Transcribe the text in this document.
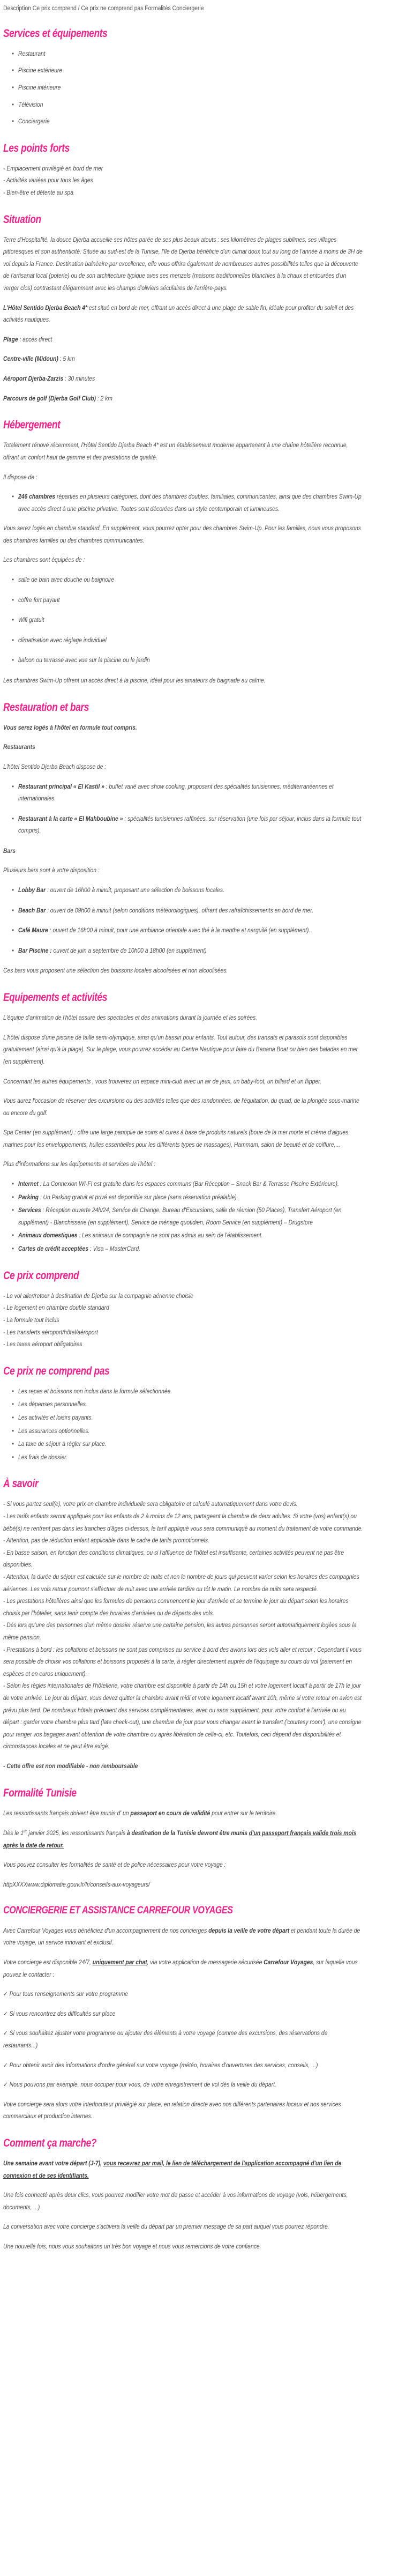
Description Ce prix comprend / Ce prix ne comprend pas Formalités Conciergerie
Services et équipements
• Restaurant
• Piscine extérieure
• Piscine intérieure
• Télévision
• Conciergerie
Les points forts

- Emplacement privilégié en bord de mer

- Activités variées pour tous les âges

- Bien-être et détente au spa

Situation

Terre d'Hospitalité, la douce Djerba accueille ses hôtes parée de ses plus beaux atouts : ses kilomètres de plages sublimes, ses villages pittoresques et son authenticité. Située au sud-est de la Tunisie, l'île de Djerba bénéficie d'un climat doux tout au long de l'année à moins de 3H de vol depuis la France. Destination balnéaire par excellence, elle vous offrira également de nombreuses autres possibilités telles que la découverte de l'artisanat local (poterie) ou de son architecture typique aves ses menzels (maisons traditionnelles blanchies à la chaux et entourées d'un verger clos) contrastant élégamment avec les champs d'oliviers séculaires de l'arrière-pays.

L'Hôtel Sentido Djerba Beach 4* est situé en bord de mer, offrant un accès direct à une plage de sable fin, idéale pour profiter du soleil et des activités nautiques.

Plage : accès direct

Centre-ville (Midoun) : 5 km

Aéroport Djerba-Zarzis : 30 minutes

Parcours de golf (Djerba Golf Club) : 2 km

Hébergement

Totalement rénové récemment, l'Hôtel Sentido Djerba Beach 4* est un établissement moderne appartenant à une chaîne hôtelière reconnue, offrant un confort haut de gamme et des prestations de qualité.

Il dispose de :

• 246 chambres réparties en plusieurs catégories, dont des chambres doubles, familiales, communicantes, ainsi que des chambres Swim-Up avec accès direct à une piscine privative. Toutes sont décorées dans un style contemporain et lumineuses.

Vous serez logés en chambre standard. En supplément, vous pourrez opter pour des chambres Swim-Up. Pour les familles, nous vous proposons des chambres familles ou des chambres communicantes.

Les chambres sont équipées de :

• salle de bain avec douche ou baignoire
• coffre fort payant
• Wifi gratuit
• climatisation avec réglage individuel
• balcon ou terrasse avec vue sur la piscine ou le jardin

Les chambres Swim-Up offrent un accès direct à la piscine, idéal pour les amateurs de baignade au calme.

Restauration et bars

Vous serez logés à l'hôtel en formule tout compris.

Restaurants

L'hôtel Sentido Djerba Beach dispose de :

• Restaurant principal « El Kastil » : buffet varié avec show cooking, proposant des spécialités tunisiennes, méditerranéennes et internationales.
• Restaurant à la carte « El Mahboubine » : spécialités tunisiennes raffinées, sur réservation (une fois par séjour, inclus dans la formule tout compris).

Bars

Plusieurs bars sont à votre disposition :

• Lobby Bar : ouvert de 16h00 à minuit, proposant une sélection de boissons locales.
• Beach Bar : ouvert de 09h00 à minuit (selon conditions météorologiques), offrant des rafraîchissements en bord de mer.
• Café Maure : ouvert de 16h00 à minuit, pour une ambiance orientale avec thé à la menthe et narguilé (en supplément).
• Bar Piscine : ouvert de juin a septembre de 10h00 à 18h00 (en supplément)

Ces bars vous proposent une sélection des boissons locales alcoolisées et non alcoolisées.

Equipements et activités

L'équipe d'animation de l'hôtel assure des spectacles et des animations durant la journée et les soirées.

L'hôtel dispose d'une piscine de taille semi-olympique, ainsi qu'un bassin pour enfants. Tout autour, des transats et parasols sont disponibles gratuitement (ainsi qu'à la plage). Sur la plage, vous pourrez accéder au Centre Nautique pour faire du Banana Boat ou bien des balades en mer (en supplément).

Concernant les autres équipements , vous trouverez un espace mini-club avec un air de jeux, un baby-foot, un billard et un flipper.

Vous aurez l'occasion de réserver des excursions ou des activités telles que des randonnées, de l'équitation, du quad, de la plongée sous-marine ou encore du golf.

Spa Center (en supplément) : offre une large panoplie de soins et cures à base de produits naturels (boue de la mer morte et crème d'algues marines pour les enveloppements, huiles essentielles pour les différents types de massages), Hammam, salon de beauté et de coiffure,...

Plus d'informations sur les équipements et services de l'hôtel :

• Internet : La Connexion WI-FI est gratuite dans les espaces communs (Bar Réception – Snack Bar & Terrasse Piscine Extérieure).
• Parking : Un Parking gratuit et privé est disponible sur place (sans réservation préalable).
• Services : Réception ouverte 24h/24, Service de Change, Bureau d'Excursions, salle de réunion (50 Places), Transfert Aéroport (en supplément) - Blanchisserie (en supplément), Service de ménage quotidien, Room Service (en supplément) – Drugstore
• Animaux domestiques : Les animaux de compagnie ne sont pas admis au sein de l'établissement.
• Cartes de crédit acceptées : Visa – MasterCard.
Ce prix comprend

- Le vol aller/retour à destination de Djerba sur la compagnie aérienne choisie

- Le logement en chambre double standard

- La formule tout inclus

- Les transferts aéroport/hôtel/aéroport

- Les taxes aéroport obligatoires

Ce prix ne comprend pas
• Les repas et boissons non inclus dans la formule sélectionnée.
• Les dépenses personnelles.
• Les activités et loisirs payants.
• Les assurances optionnelles.
• La taxe de séjour à régler sur place.
• Les frais de dossier.
À savoir

- Si vous partez seul(e), votre prix en chambre individuelle sera obligatoire et calculé automatiquement dans votre devis.

- Les tarifs enfants seront appliqués pour les enfants de 2 à moins de 12 ans, partageant la chambre de deux adultes. Si votre (vos) enfant(s) ou bébé(s) ne rentrent pas dans les tranches d'âges ci-dessus, le tarif appliqué vous sera communiqué au moment du traitement de votre commande.

- Attention, pas de réduction enfant applicable dans le cadre de tarifs promotionnels.

- En basse saison, en fonction des conditions climatiques, ou si l'affluence de l'hôtel est insuffisante, certaines activités peuvent ne pas être disponibles.

- Attention, la durée du séjour est calculée sur le nombre de nuits et non le nombre de jours qui peuvent varier selon les horaires des compagnies aériennes. Les vols retour pourront s'effectuer de nuit avec une arrivée tardive ou tôt le matin. Le nombre de nuits sera respecté.

- Les prestations hôtelières ainsi que les formules de pensions commencent le jour d'arrivée et se termine le jour du départ selon les horaires choisis par l'hôtelier, sans tenir compte des horaires d'arrivées ou de départs des vols.

- Dès lors qu'une des personnes d'un même dossier réserve une certaine pension, les autres personnes seront automatiquement logées sous la même pension.

- Prestations à bord : les collations et boissons ne sont pas comprises au service à bord des avions lors des vols aller et retour ; Cependant il vous sera possible de choisir vos collations et boissons proposés à la carte, à régler directement auprès de l'équipage au cours du vol (paiement en espèces et en euros uniquement).

- Selon les règles internationales de l'hôtellerie, votre chambre est disponible à partir de 14h ou 15h et votre logement locatif à partir de 17h le jour de votre arrivée. Le jour du départ, vous devez quitter la chambre avant midi et votre logement locatif avant 10h, même si votre retour en avion est prévu plus tard. De nombreux hôtels prévoient des services complémentaires, avec ou sans supplément, pour votre confort à l'arrivée ou au départ : garder votre chambre plus tard (late check-out), une chambre de jour pour vous changer avant le transfert ('courtesy room'), une consigne pour ranger vos bagages avant obtention de votre chambre ou après libération de celle-ci, etc. Toutefois, ceci dépend des disponibilités et circonstances locales et ne peut être exigé.

- Cette offre est non modifiable - non remboursable

Formalité Tunisie

Les ressortissants français doivent être munis d' un passeport en cours de validité pour entrer sur le territoire.

Dès le 1er janvier 2025, les ressortissants français à destination de la Tunisie devront être munis d'un passeport français valide trois mois après la date de retour.

Vous pouvez consulter les formalités de santé et de police nécessaires pour votre voyage :

httpXXXXwww.diplomatie.gouv.fr/fr/conseils-aux-voyageurs/

CONCIERGERIE ET ASSISTANCE CARREFOUR VOYAGES

Avec Carrefour Voyages vous bénéficiez d'un accompagnement de nos concierges depuis la veille de votre départ et pendant toute la durée de votre voyage, un service innovant et exclusif.

Votre concierge est disponible 24/7, uniquement par chat, via votre application de messagerie sécurisée Carrefour Voyages, sur laquelle vous pouvez le contacter :

✓ Pour tous renseignements sur votre programme

✓ Si vous rencontrez des difficultés sur place

✓ Si vous souhaitez ajuster votre programme ou ajouter des éléments à votre voyage (comme des excursions, des réservations de restaurants...)

✓ Pour obtenir avoir des informations d'ordre général sur votre voyage (météo, horaires d'ouvertures des services, conseils, ...)

✓ Nous pouvons par exemple, nous occuper pour vous, de votre enregistrement de vol dès la veille du départ.

Votre concierge sera alors votre interlocuteur privilégié sur place, en relation directe avec nos différents partenaires locaux et nos services commerciaux et production internes.

Comment ça marche?

Une semaine avant votre départ (J-7), vous recevrez par mail, le lien de téléchargement de l'application accompagné d'un lien de connexion et de ses identifiants.

Une fois connecté après deux clics, vous pourrez modifier votre mot de passe et accéder à vos informations de voyage (vols, hébergements, documents, ...)

La conversation avec votre concierge s'activera la veille du départ par un premier message de sa part auquel vous pourrez répondre.

Une nouvelle fois, nous vous souhaitons un très bon voyage et nous vous remercions de votre confiance.
